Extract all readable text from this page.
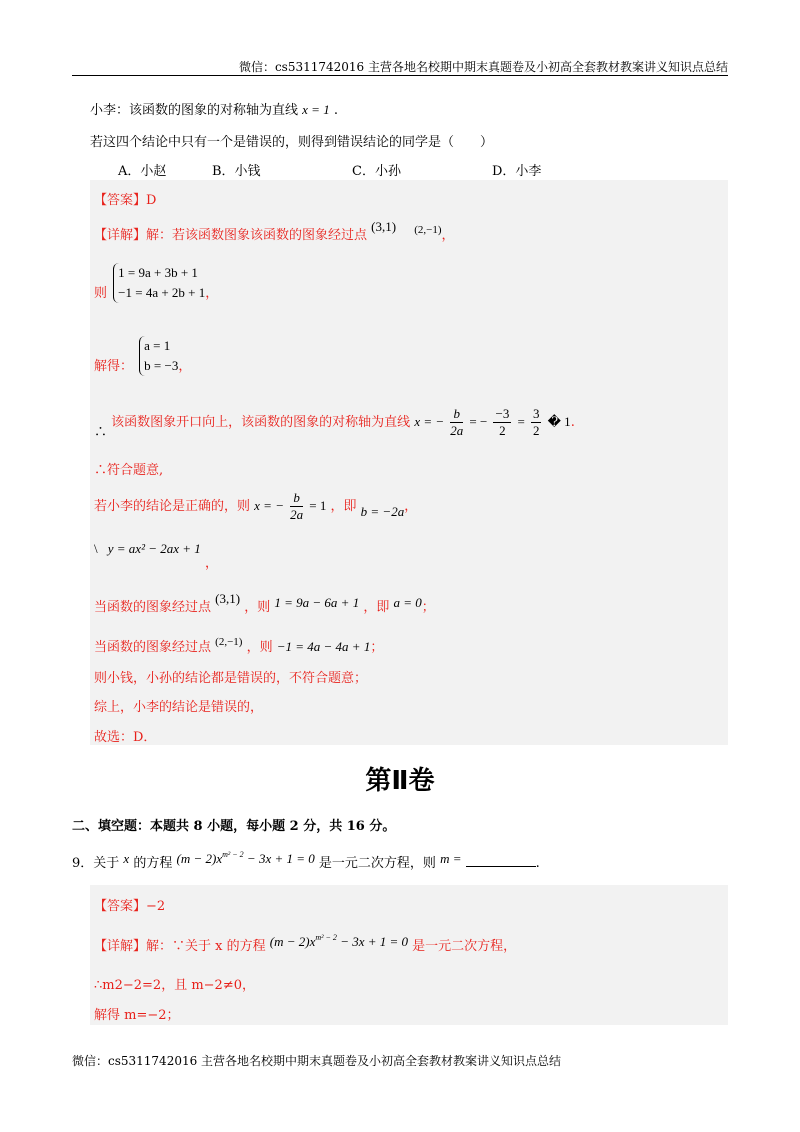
微信：cs5311742016 主营各地名校期中期末真题卷及小初高全套教材教案讲义知识点总结
小李：该函数的图象的对称轴为直线 x = 1 .
若这四个结论中只有一个是错误的，则得到错误结论的同学是（　　）
A．小赵	B．小钱	C．小孙	D．小李
【答案】D
【详解】解：若该函数图象该函数的图象经过点 (3,1) $^{(2,-1)}$，
则
1 = 9a + 3b + 1
−1 = 4a + 2b + 1 ，
解得：
a = 1
b = −3 ，
∴ 该函数图象开口向上，该函数的图象的对称轴为直线 x = − $\frac{b}{2a}$ = − $\frac{-3}{2} = \frac{3}{2}$ � 1.
∴符合题意,
若小李的结论是正确的，则 x = − $\frac{b}{2a} = 1$ ，即 b = −2a，
\ y = ax² − 2ax + 1 ，
当函数的图象经过点 (3,1) ，则 1 = 9a − 6a + 1 ，即 a = 0；
当函数的图象经过点 $^{(2,-1)}$ ，则 −1 = 4a − 4a + 1；
则小钱，小孙的结论都是错误的，不符合题意；
综上，小李的结论是错误的，
故选：D．
第Ⅱ卷
二、填空题：本题共 8 小题，每小题 2 分，共 16 分。
9．关于 x 的方程 $(m - 2)x^{m^2 - 2} - 3x + 1 = 0$ 是一元二次方程，则 m =	.
【答案】−2
【详解】解：∵关于 x 的方程 $(m - 2)x^{m^2 - 2} - 3x + 1 = 0$ 是一元二次方程，
∴m2−2=2，且 m−2≠0，
解得 m=−2；
微信：cs5311742016 主营各地名校期中期末真题卷及小初高全套教材教案讲义知识点总结
